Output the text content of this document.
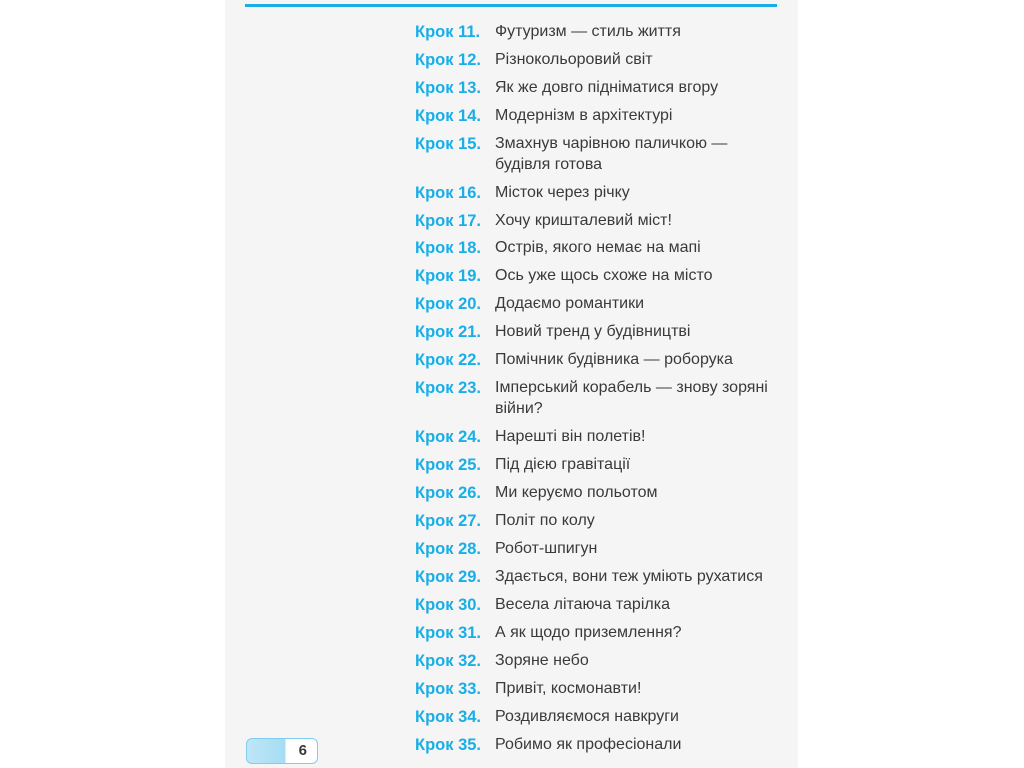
Крок 11. Футуризм — стиль життя
Крок 12. Різнокольоровий світ
Крок 13. Як же довго підніматися вгору
Крок 14. Модернізм в архітектурі
Крок 15. Змахнув чарівною паличкою — будівля готова
Крок 16. Місток через річку
Крок 17. Хочу кришталевий міст!
Крок 18. Острів, якого немає на мапі
Крок 19. Ось уже щось схоже на місто
Крок 20. Додаємо романтики
Крок 21. Новий тренд у будівництві
Крок 22. Помічник будівника — роборука
Крок 23. Імперський корабель — знову зоряні війни?
Крок 24. Нарешті він полетів!
Крок 25. Під дією гравітації
Крок 26. Ми керуємо польотом
Крок 27. Політ по колу
Крок 28. Робот-шпигун
Крок 29. Здається, вони теж уміють рухатися
Крок 30. Весела літаюча тарілка
Крок 31. А як щодо приземлення?
Крок 32. Зоряне небо
Крок 33. Привіт, космонавти!
Крок 34. Роздивляємося навкруги
Крок 35. Робимо як професіонали
6
